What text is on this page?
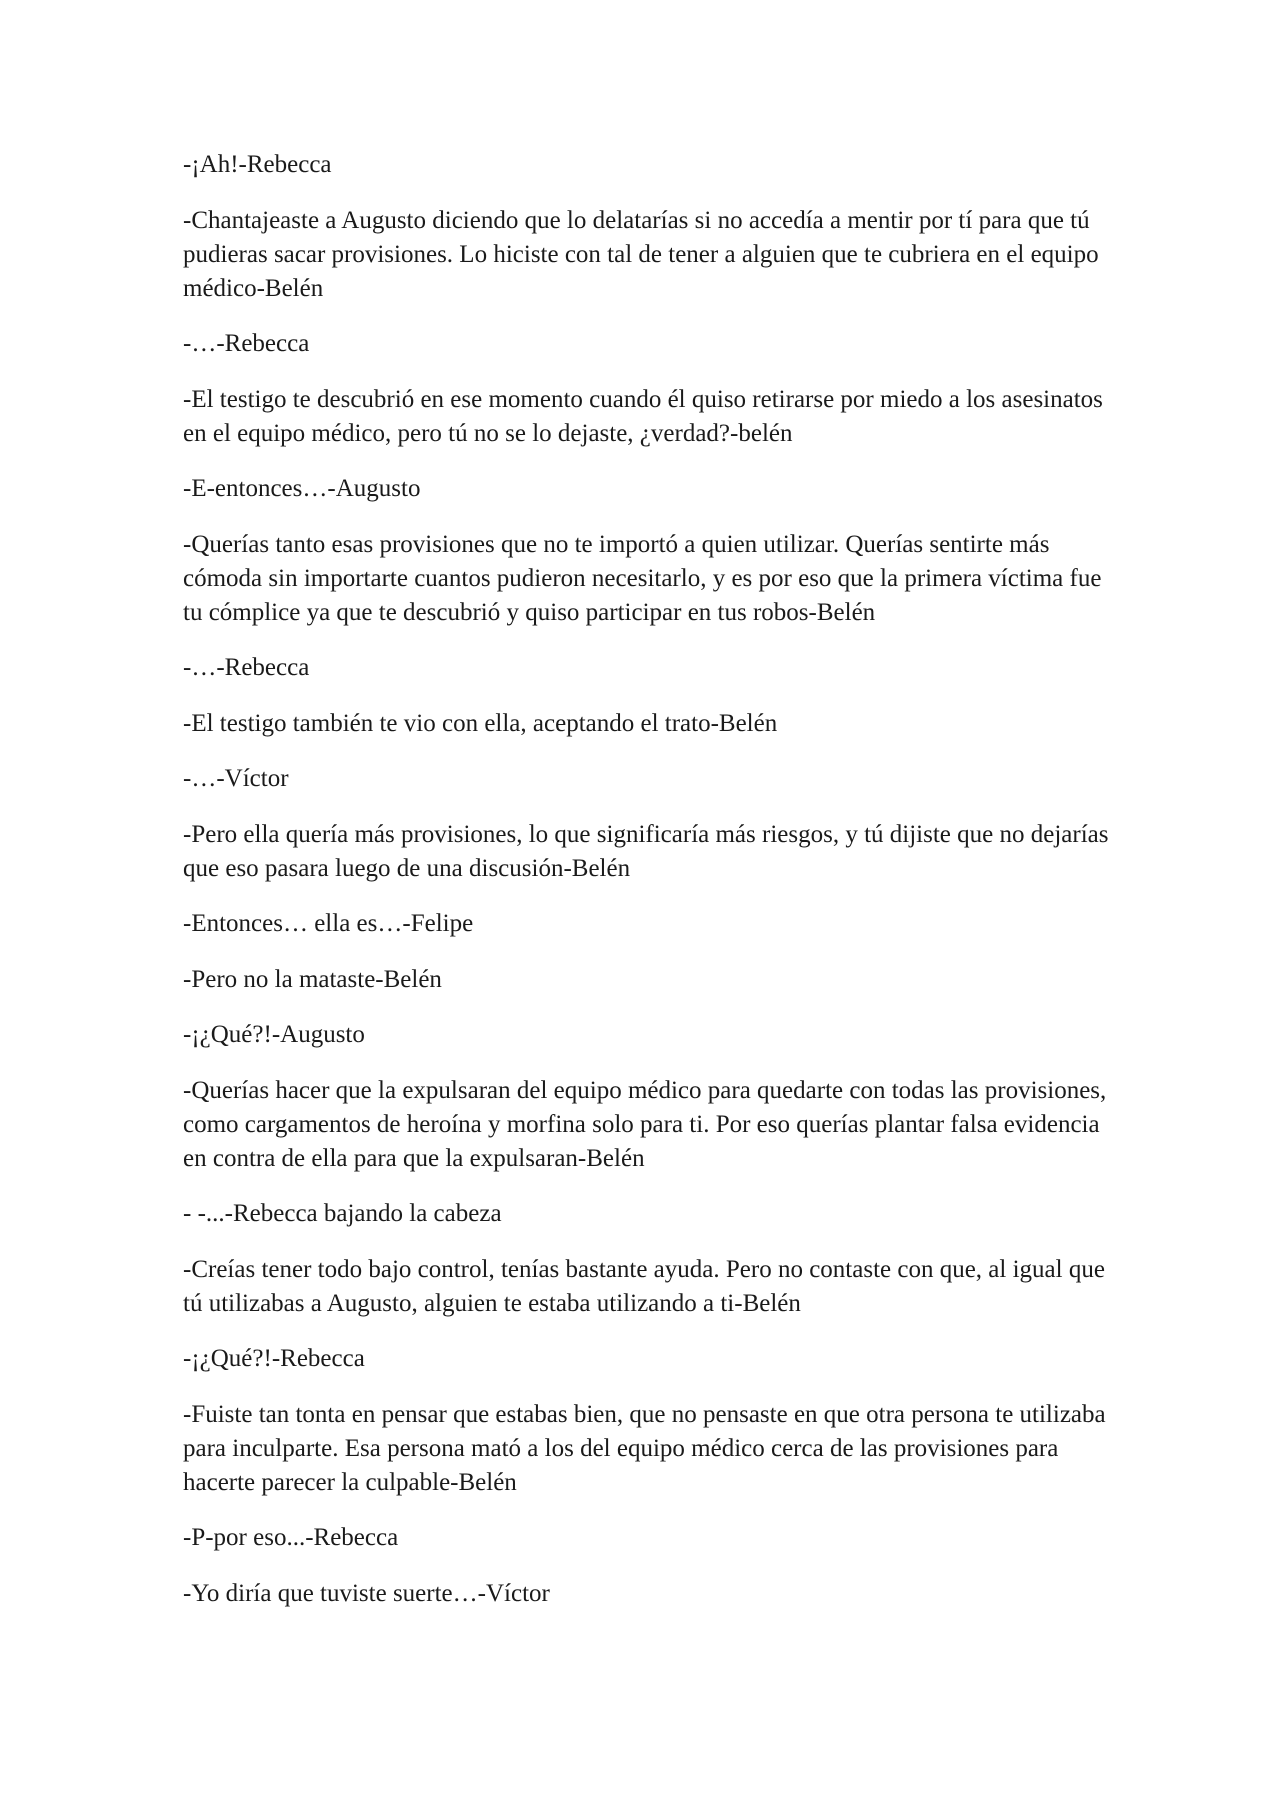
-¡Ah!-Rebecca

-Chantajeaste a Augusto diciendo que lo delatarías si no accedía a mentir por tí para que tú pudieras sacar provisiones. Lo hiciste con tal de tener a alguien que te cubriera en el equipo médico-Belén

-…-Rebecca

-El testigo te descubrió en ese momento cuando él quiso retirarse por miedo a los asesinatos en el equipo médico, pero tú no se lo dejaste, ¿verdad?-belén

-E-entonces…-Augusto

-Querías tanto esas provisiones que no te importó a quien utilizar. Querías sentirte más cómoda sin importarte cuantos pudieron necesitarlo, y es por eso que la primera víctima fue tu cómplice ya que te descubrió y quiso participar en tus robos-Belén

-…-Rebecca

-El testigo también te vio con ella, aceptando el trato-Belén

-…-Víctor

-Pero ella quería más provisiones, lo que significaría más riesgos, y tú dijiste que no dejarías que eso pasara luego de una discusión-Belén

-Entonces… ella es…-Felipe

-Pero no la mataste-Belén

-¡¿Qué?!-Augusto

-Querías hacer que la expulsaran del equipo médico para quedarte con todas las provisiones, como cargamentos de heroína y morfina solo para ti. Por eso querías plantar falsa evidencia en contra de ella para que la expulsaran-Belén

- -...-Rebecca bajando la cabeza

-Creías tener todo bajo control, tenías bastante ayuda. Pero no contaste con que, al igual que tú utilizabas a Augusto, alguien te estaba utilizando a ti-Belén

-¡¿Qué?!-Rebecca

-Fuiste tan tonta en pensar que estabas bien, que no pensaste en que otra persona te utilizaba para inculparte. Esa persona mató a los del equipo médico cerca de las provisiones para hacerte parecer la culpable-Belén

-P-por eso...-Rebecca

-Yo diría que tuviste suerte…-Víctor
